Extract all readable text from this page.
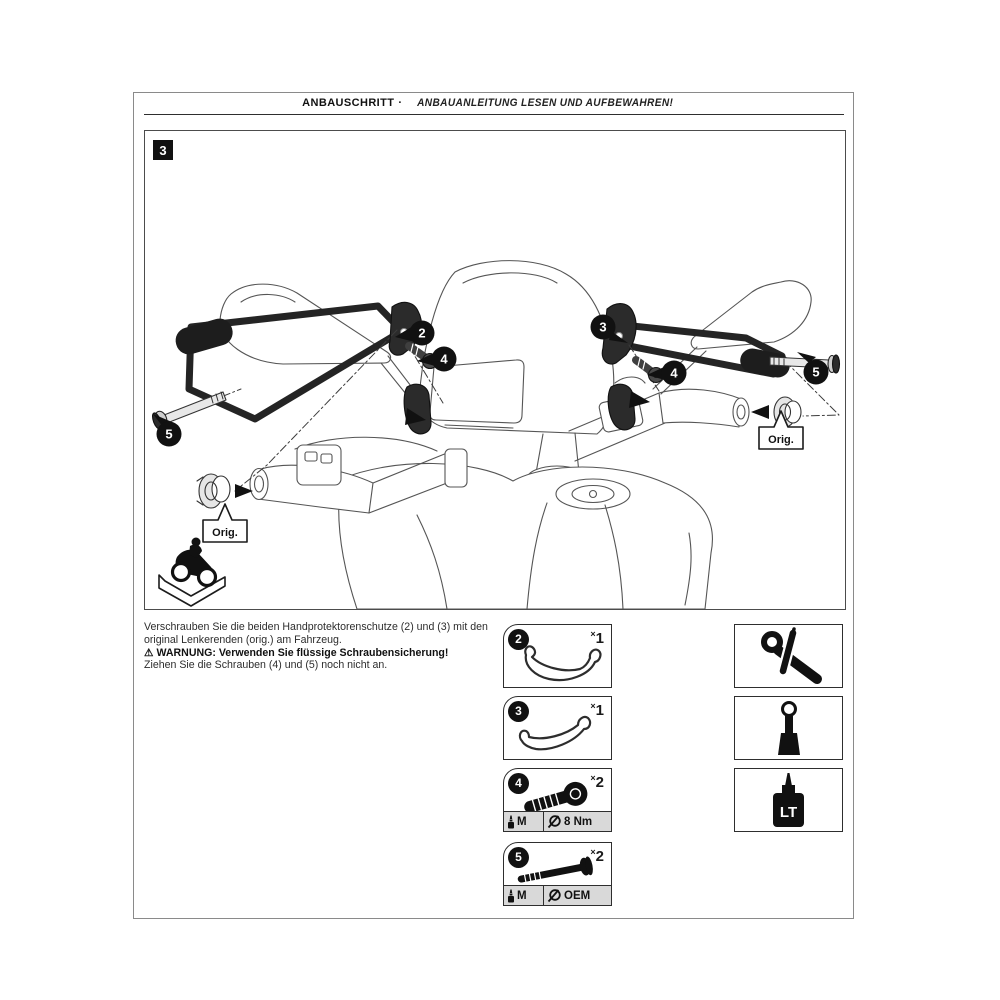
ANBAUSCHRITT · ANBAUANLEITUNG LESEN UND AUFBEWAHREN!
2
4
5
3
4	5
Orig.
Orig.
3
Verschrauben Sie die beiden Handprotektorenschutze (2) und (3) mit den
original Lenkerenden (orig.) am Fahrzeug.
⚠ WARNUNG: Verwenden Sie flüssige Schraubensicherung!
Ziehen Sie die Schrauben (4) und (5) noch nicht an.
2	×1
3	×1
4	×2
M	8 Nm
5	×2
M	OEM
LT
